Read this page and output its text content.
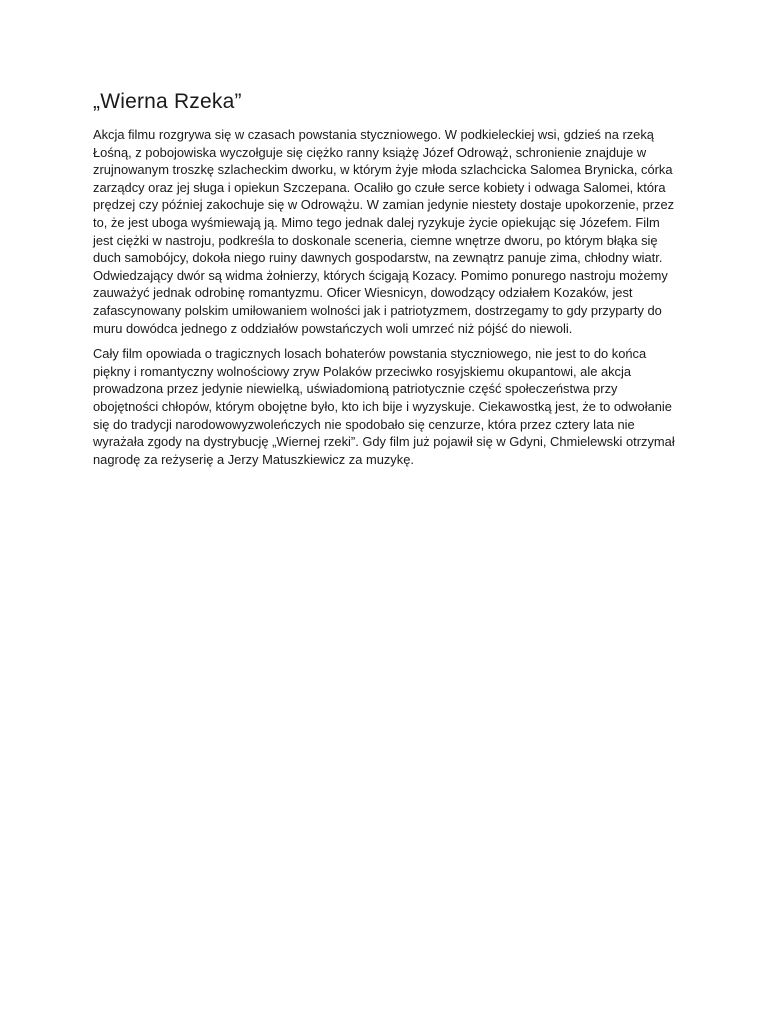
„Wierna Rzeka”

Akcja filmu rozgrywa się w czasach powstania styczniowego. W podkieleckiej wsi, gdzieś na rzeką Łośną, z pobojowiska wyczołguje się ciężko ranny książę Józef Odrowąż, schronienie znajduje w zrujnowanym troszkę szlacheckim dworku, w którym żyje młoda szlachcicka Salomea Brynicka, córka zarządcy oraz jej sługa i opiekun Szczepana. Ocaliło go czułe serce kobiety i odwaga Salomei, która prędzej czy później zakochuje się w Odrowążu. W zamian jedynie niestety dostaje upokorzenie, przez to, że jest uboga wyśmiewają ją. Mimo tego jednak dalej ryzykuje życie opiekując się Józefem. Film jest ciężki w nastroju, podkreśla to doskonale sceneria, ciemne wnętrze dworu, po którym błąka się duch samobójcy, dokoła niego ruiny dawnych gospodarstw, na zewnątrz panuje zima, chłodny wiatr. Odwiedzający dwór są widma żołnierzy, których ścigają Kozacy. Pomimo ponurego nastroju możemy zauważyć jednak odrobinę romantyzmu. Oficer Wiesnicyn, dowodzący odziałem Kozaków, jest zafascynowany polskim umiłowaniem wolności jak i patriotyzmem, dostrzegamy to gdy przyparty do muru dowódca jednego z oddziałów powstańczych woli umrzeć niż pójść do niewoli.

Cały film opowiada o tragicznych losach bohaterów powstania styczniowego, nie jest to do końca piękny i romantyczny wolnościowy zryw Polaków przeciwko rosyjskiemu okupantowi, ale akcja prowadzona przez jedynie niewielką, uświadomioną patriotycznie część społeczeństwa przy obojętności chłopów, którym obojętne było, kto ich bije i wyzyskuje. Ciekawostką jest, że to odwołanie się do tradycji narodowowyzwoleńczych nie spodobało się cenzurze, która przez cztery lata nie wyrażała zgody na dystrybucję „Wiernej rzeki”. Gdy film już pojawił się w Gdyni, Chmielewski otrzymał nagrodę za reżyserię a Jerzy Matuszkiewicz za muzykę.
